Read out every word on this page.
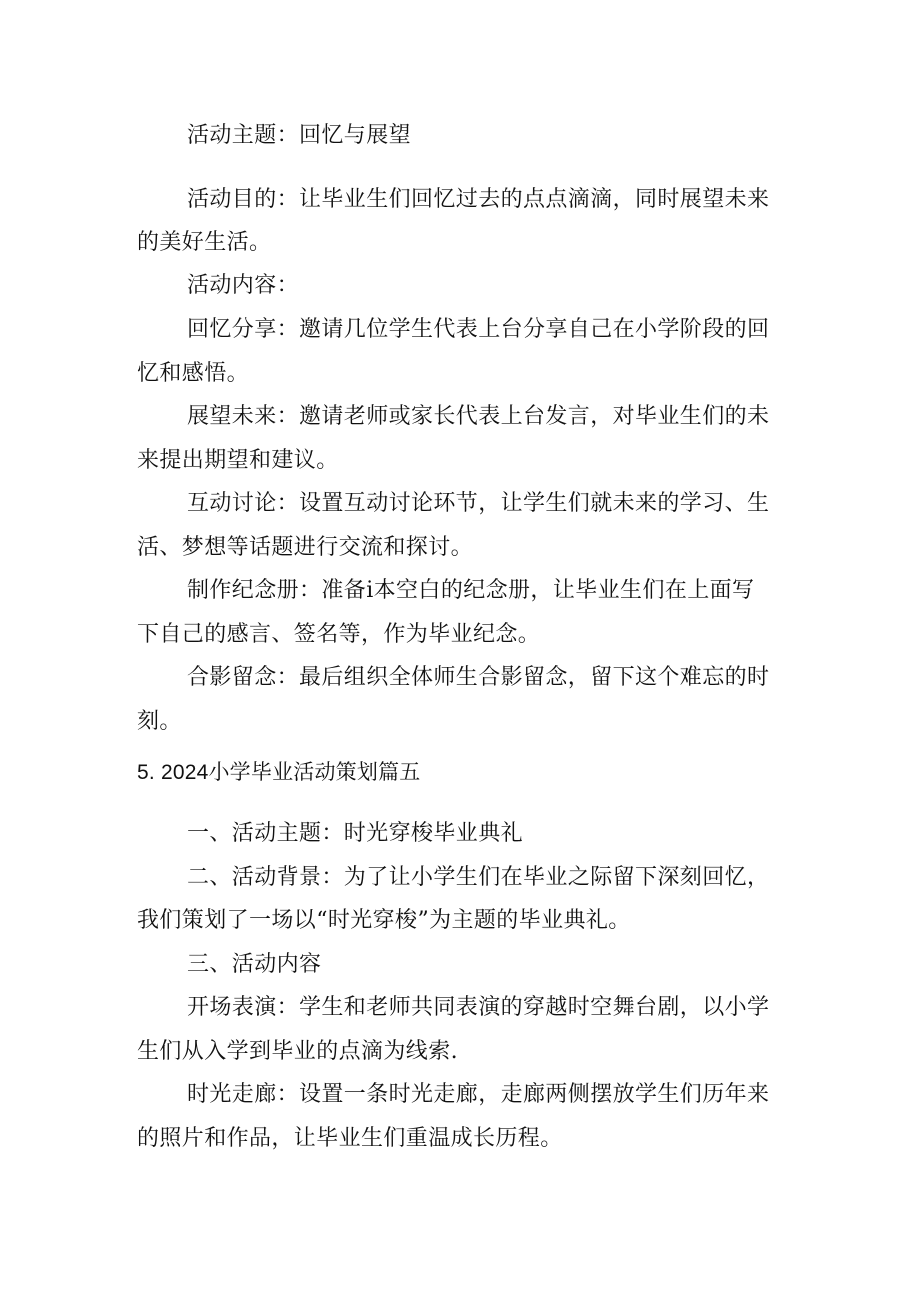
活动主题：回忆与展望

活动目的：让毕业生们回忆过去的点点滴滴，同时展望未来

的美好生活。

活动内容：

回忆分享：邀请几位学生代表上台分享自己在小学阶段的回

忆和感悟。

展望未来：邀请老师或家长代表上台发言，对毕业生们的未

来提出期望和建议。

互动讨论：设置互动讨论环节，让学生们就未来的学习、生

活、梦想等话题进行交流和探讨。

制作纪念册：准备i本空白的纪念册，让毕业生们在上面写

下自己的感言、签名等，作为毕业纪念。

合影留念：最后组织全体师生合影留念，留下这个难忘的时

刻。

5. 2024小学毕业活动策划篇五

一、活动主题：时光穿梭毕业典礼

二、活动背景：为了让小学生们在毕业之际留下深刻回忆，

我们策划了一场以“时光穿梭”为主题的毕业典礼。

三、活动内容

开场表演：学生和老师共同表演的穿越时空舞台剧，以小学

生们从入学到毕业的点滴为线索.

时光走廊：设置一条时光走廊，走廊两侧摆放学生们历年来

的照片和作品，让毕业生们重温成长历程。
